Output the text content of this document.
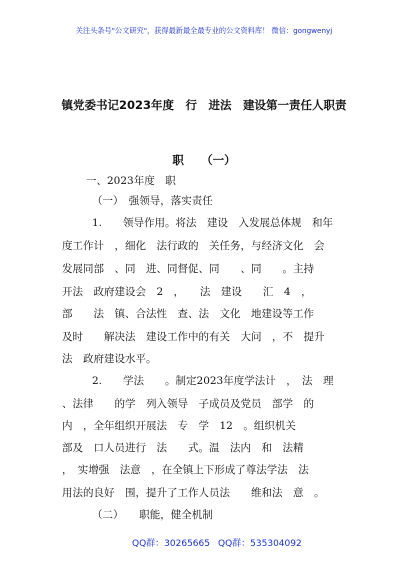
关注头条号"公文研究"，获得最新最全最专业的公文资料库！ 微信：gongwenyj
镇党委书记2023年度　行　进法　建设第一责任人职责
职　　（一）
一、2023年度　职
（一）　强领导，落实责任
1.　　领导作用。将法　建设　入发展总体规　和年
度工作计　，细化　法行政的　关任务，与经济文化　会
发展同部　、同　进、同督促、同　　、同　　。主持
开法　政府建设会　2　，　　法　建设　　汇　4　，
部　　法　镇、合法性　查、法　文化　地建设等工作
及时　　解决法　建设工作中的有关　大问　，不　提升
法　政府建设水平。
2.　　学法　　。制定2023年度学法计　，　法　理
、法律　　的学　列入领导　子成员及党员　部学　的
内　，全年组织开展法　专　学　12　。组织机关
部及　口人员进行　法　　式。温　法内　和　法精
，　实增强　法意　，在全镇上下形成了尊法学法　法
用法的良好　围，提升了工作人员法　　维和法　意　。
（二）　　职能，健全机制
QQ群：30265665 QQ群：535304092
